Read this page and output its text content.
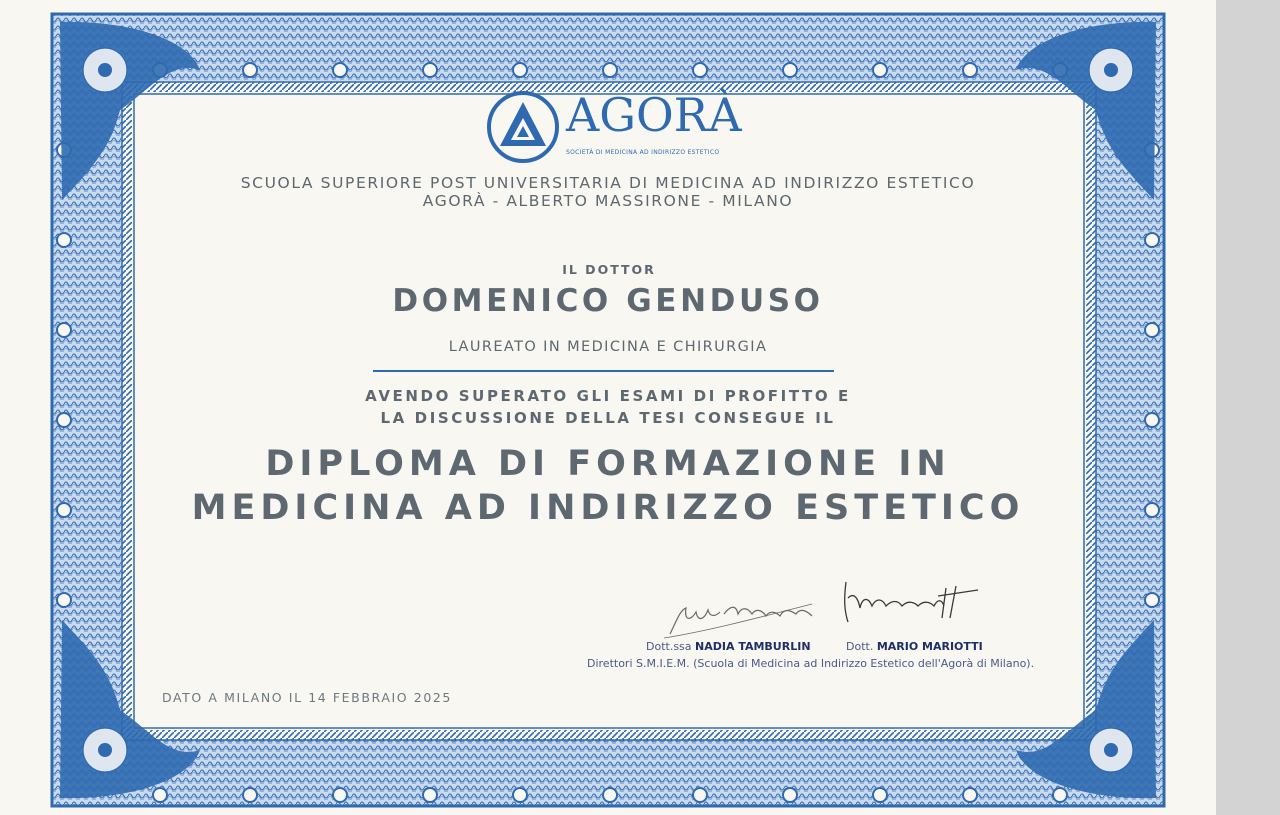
AGORÀ
SOCIETÀ DI MEDICINA AD INDIRIZZO ESTETICO
SCUOLA SUPERIORE POST UNIVERSITARIA DI MEDICINA AD INDIRIZZO ESTETICO
AGORÀ - ALBERTO MASSIRONE - MILANO
IL DOTTOR
DOMENICO GENDUSO
LAUREATO IN MEDICINA E CHIRURGIA
AVENDO SUPERATO GLI ESAMI DI PROFITTO E
LA DISCUSSIONE DELLA TESI CONSEGUE IL
DIPLOMA DI FORMAZIONE IN
MEDICINA AD INDIRIZZO ESTETICO
Dott.ssa NADIA TAMBURLIN	Dott. MARIO MARIOTTI
Direttori S.M.I.E.M. (Scuola di Medicina ad Indirizzo Estetico dell'Agorà di Milano).
DATO A MILANO IL 14 FEBBRAIO 2025
